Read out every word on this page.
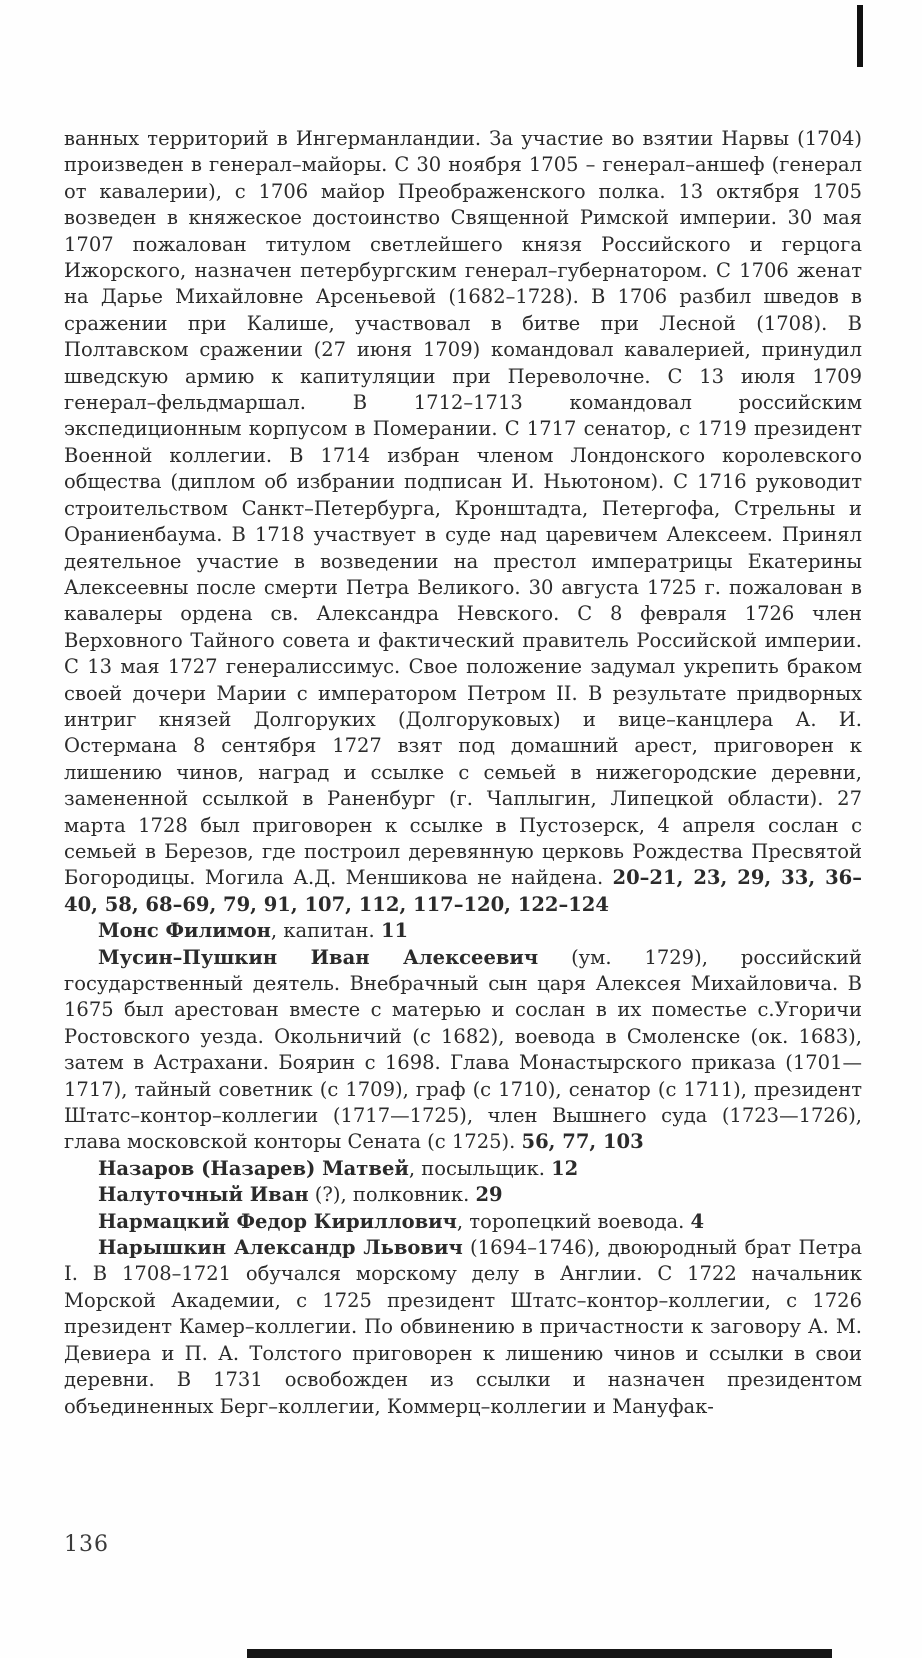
ванных территорий в Ингерманландии. За участие во взятии Нарвы (1704) произведен в генерал–майоры. С 30 ноября 1705 – генерал–аншеф (генерал от кавалерии), с 1706 майор Преображенского полка. 13 октября 1705 возведен в княжеское достоинство Священной Римской империи. 30 мая 1707 пожалован титулом светлейшего князя Российского и герцога Ижорского, назначен петербургским генерал–губернатором. С 1706 женат на Дарье Михайловне Арсеньевой (1682–1728). В 1706 разбил шведов в сражении при Калише, участвовал в битве при Лесной (1708). В Полтавском сражении (27 июня 1709) командовал кавалерией, принудил шведскую армию к капитуляции при Переволочне. С 13 июля 1709 генерал–фельдмаршал. В 1712–1713 командовал российским экспедиционным корпусом в Померании. С 1717 сенатор, с 1719 президент Военной коллегии. В 1714 избран членом Лондонского королевского общества (диплом об избрании подписан И. Ньютоном). С 1716 руководит строительством Санкт–Петербурга, Кронштадта, Петергофа, Стрельны и Ораниенбаума. В 1718 участвует в суде над царевичем Алексеем. Принял деятельное участие в возведении на престол императрицы Екатерины Алексеевны после смерти Петра Великого. 30 августа 1725 г. пожалован в кавалеры ордена св. Александра Невского. С 8 февраля 1726 член Верховного Тайного совета и фактический правитель Российской империи. С 13 мая 1727 генералиссимус. Свое положение задумал укрепить браком своей дочери Марии с императором Петром II. В результате придворных интриг князей Долгоруких (Долгоруковых) и вице–канцлера А. И. Остермана 8 сентября 1727 взят под домашний арест, приговорен к лишению чинов, наград и ссылке с семьей в нижегородские деревни, замененной ссылкой в Раненбург (г. Чаплыгин, Липецкой области). 27 марта 1728 был приговорен к ссылке в Пустозерск, 4 апреля сослан с семьей в Березов, где построил деревянную церковь Рождества Пресвятой Богородицы. Могила А.Д. Меншикова не найдена. 20–21, 23, 29, 33, 36–40, 58, 68–69, 79, 91, 107, 112, 117–120, 122–124

Монс Филимон, капитан. 11

Мусин–Пушкин Иван Алексеевич (ум. 1729), российский государственный деятель. Внебрачный сын царя Алексея Михайловича. В 1675 был арестован вместе с матерью и сослан в их поместье с.Угоричи Ростовского уезда. Окольничий (с 1682), воевода в Смоленске (ок. 1683), затем в Астрахани. Боярин с 1698. Глава Монастырского приказа (1701—1717), тайный советник (с 1709), граф (с 1710), сенатор (с 1711), президент Штатс–контор–коллегии (1717—1725), член Вышнего суда (1723—1726), глава московской конторы Сената (с 1725). 56, 77, 103

Назаров (Назарев) Матвей, посыльщик. 12

Налуточный Иван (?), полковник. 29

Нармацкий Федор Кириллович, торопецкий воевода. 4

Нарышкин Александр Львович (1694–1746), двоюродный брат Петра I. В 1708–1721 обучался морскому делу в Англии. С 1722 начальник Морской Академии, с 1725 президент Штатс–контор–коллегии, с 1726 президент Камер–коллегии. По обвинению в причастности к заговору А. М. Девиера и П. А. Толстого приговорен к лишению чинов и ссылки в свои деревни. В 1731 освобожден из ссылки и назначен президентом объединенных Берг–коллегии, Коммерц–коллегии и Мануфак-

136
